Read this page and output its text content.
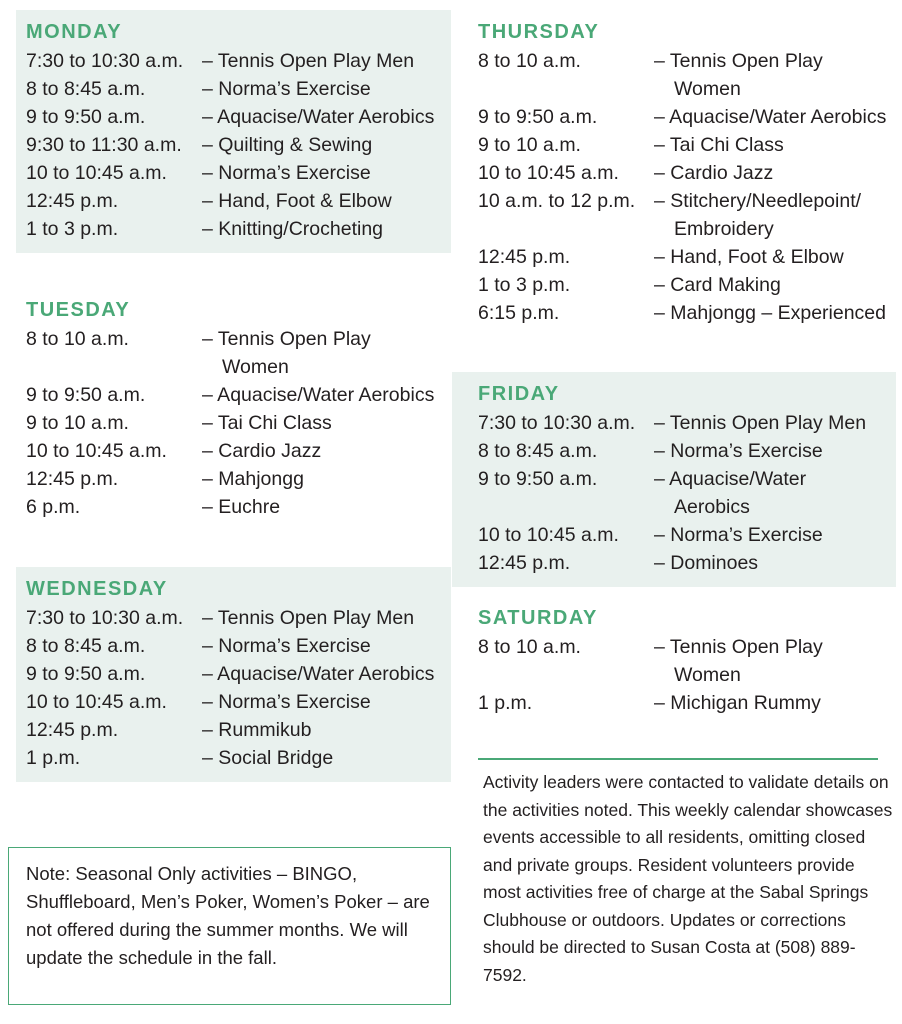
MONDAY
7:30 to 10:30 a.m. – Tennis Open Play Men
8 to 8:45 a.m.	– Norma’s Exercise
9 to 9:50 a.m.	– Aquacise/Water Aerobics
9:30 to 11:30 a.m.	– Quilting & Sewing
10 to 10:45 a.m.	– Norma’s Exercise
12:45 p.m.	– Hand, Foot & Elbow
1 to 3 p.m.	– Knitting/Crocheting
TUESDAY
8 to 10 a.m.	– Tennis Open Play Women
9 to 9:50 a.m.	– Aquacise/Water Aerobics
9 to 10 a.m.	– Tai Chi Class
10 to 10:45 a.m.	– Cardio Jazz
12:45 p.m.	– Mahjongg
6 p.m.	– Euchre
WEDNESDAY
7:30 to 10:30 a.m. – Tennis Open Play Men
8 to 8:45 a.m.	– Norma’s Exercise
9 to 9:50 a.m.	– Aquacise/Water Aerobics
10 to 10:45 a.m.	– Norma’s Exercise
12:45 p.m.	– Rummikub
1 p.m.	– Social Bridge
THURSDAY
8 to 10 a.m.	– Tennis Open Play Women
9 to 9:50 a.m.	– Aquacise/Water Aerobics
9 to 10 a.m.	– Tai Chi Class
10 to 10:45 a.m.	– Cardio Jazz
10 a.m. to 12 p.m. – Stitchery/Needlepoint/ Embroidery
12:45 p.m.	– Hand, Foot & Elbow
1 to 3 p.m.	– Card Making
6:15 p.m.	– Mahjongg – Experienced
FRIDAY
7:30 to 10:30 a.m. – Tennis Open Play Men
8 to 8:45 a.m.	– Norma’s Exercise
9 to 9:50 a.m.	– Aquacise/Water Aerobics
10 to 10:45 a.m.	– Norma’s Exercise
12:45 p.m.	– Dominoes
SATURDAY
8 to 10 a.m.	– Tennis Open Play Women
1 p.m.	– Michigan Rummy
Activity leaders were contacted to validate details on the activities noted. This weekly calendar showcases events accessible to all residents, omitting closed and private groups. Resident volunteers provide most activities free of charge at the Sabal Springs Clubhouse or outdoors. Updates or corrections should be directed to Susan Costa at (508) 889-7592.
Note: Seasonal Only activities – BINGO, Shuffleboard, Men’s Poker, Women’s Poker – are not offered during the summer months. We will update the schedule in the fall.
